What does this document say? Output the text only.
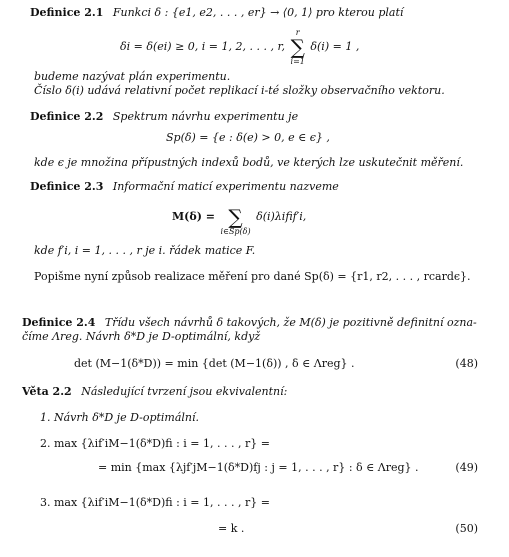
Definice 2.1 Funkci δ : {e1, e2, . . . , er} → ⟨0, 1⟩ pro kterou platí
δi = δ(ei) ≥ 0, i = 1, 2, . . . , r,
r
∑
i=1
δ(i) = 1 ,
budeme nazývat plán experimentu.
Číslo δ(i) udává relativní počet replikací i-té složky observačního vektoru.
Definice 2.2 Spektrum návrhu experimentu je
Sp(δ) = {e : δ(e) > 0, e ∈ ϵ} ,
kde ϵ je množina přípustných indexů bodů, ve kterých lze uskutečnit měření.
Definice 2.3 Informační maticí experimentu nazveme
M(δ) = ∑
i∈Sp(δ)
δ(i)λifif′i,
kde f′i, i = 1, . . . , r je i. řádek matice F.
Popišme nyní způsob realizace měření pro dané Sp(δ) = {r1, r2, . . . , rcardϵ}.
Definice 2.4 Třídu všech návrhů δ takových, že M(δ) je pozitivně definitní ozna-
číme Λreg. Návrh δ*D je D-optimální, když
det (M−1(δ*D)) = min {det (M−1(δ)) , δ ∈ Λreg} .	(48)
Věta 2.2 Následující tvrzení jsou ekvivalentní:
1. Návrh δ*D je D-optimální.
2. max {λif′iM−1(δ*D)fi : i = 1, . . . , r} =
= min {max {λjf′jM−1(δ*D)fj : j = 1, . . . , r} : δ ∈ Λreg} .	(49)
3. max {λif′iM−1(δ*D)fi : i = 1, . . . , r} =
= k .	(50)
